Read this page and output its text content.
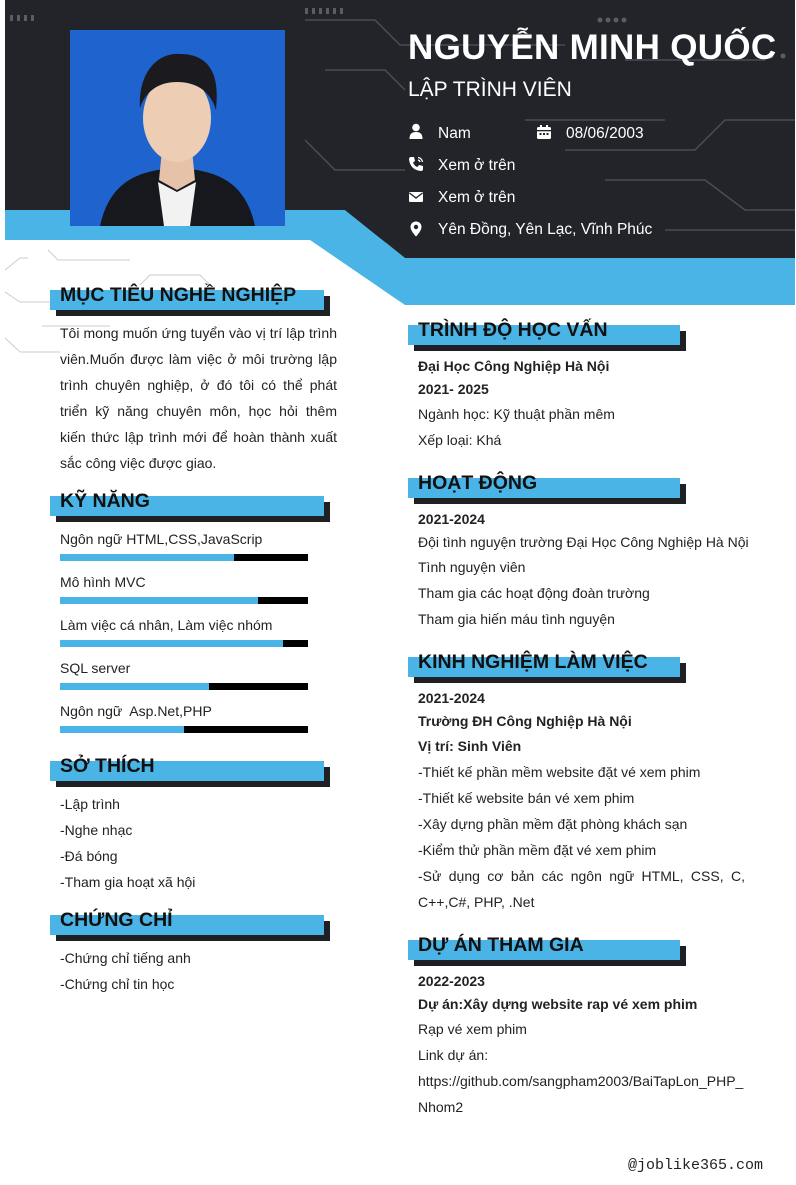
NGUYỄN MINH QUỐC
LẬP TRÌNH VIÊN
Nam	08/06/2003
Xem ở trên
Xem ở trên
Yên Đồng, Yên Lạc, Vĩnh Phúc
MỤC TIÊU NGHỀ NGHIỆP
Tôi mong muốn ứng tuyển vào vị trí lập trình viên.Muốn được làm việc ở môi trường lập trình chuyên nghiệp, ở đó tôi có thể phát triển kỹ năng chuyên môn, học hỏi thêm kiến thức lập trình mới để hoàn thành xuất sắc công việc được giao.
KỸ NĂNG
Ngôn ngữ HTML,CSS,JavaScrip
Mô hình MVC
Làm việc cá nhân, Làm việc nhóm
SQL server
Ngôn ngữ  Asp.Net,PHP
SỞ THÍCH
-Lập trình
-Nghe nhạc
-Đá bóng
-Tham gia hoạt xã hội
CHỨNG CHỈ
-Chứng chỉ tiếng anh
-Chứng chỉ tin học
TRÌNH ĐỘ HỌC VẤN
Đại Học Công Nghiệp Hà Nội
2021- 2025
Ngành học: Kỹ thuật phần mêm
Xếp loại: Khá
HOẠT ĐỘNG
2021-2024
Đội tình nguyện trường Đại Học Công Nghiệp Hà Nội
Tình nguyện viên
Tham gia các hoạt động đoàn trường
Tham gia hiến máu tình nguyện
KINH NGHIỆM LÀM VIỆC
2021-2024
Trường ĐH Công Nghiệp Hà Nội
Vị trí: Sinh Viên
-Thiết kế phần mềm website đặt vé xem phim
-Thiết kế website bán vé xem phim
-Xây dựng phần mềm đặt phòng khách sạn
-Kiểm thử phần mềm đặt vé xem phim
-Sử dụng cơ bản các ngôn ngữ HTML, CSS, C, C++,C#, PHP, .Net
DỰ ÁN THAM GIA
2022-2023
Dự án:Xây dựng website rap vé xem phim
Rạp vé xem phim
Link dự án:
https://github.com/sangpham2003/BaiTapLon_PHP_Nhom2
@joblike365.com
